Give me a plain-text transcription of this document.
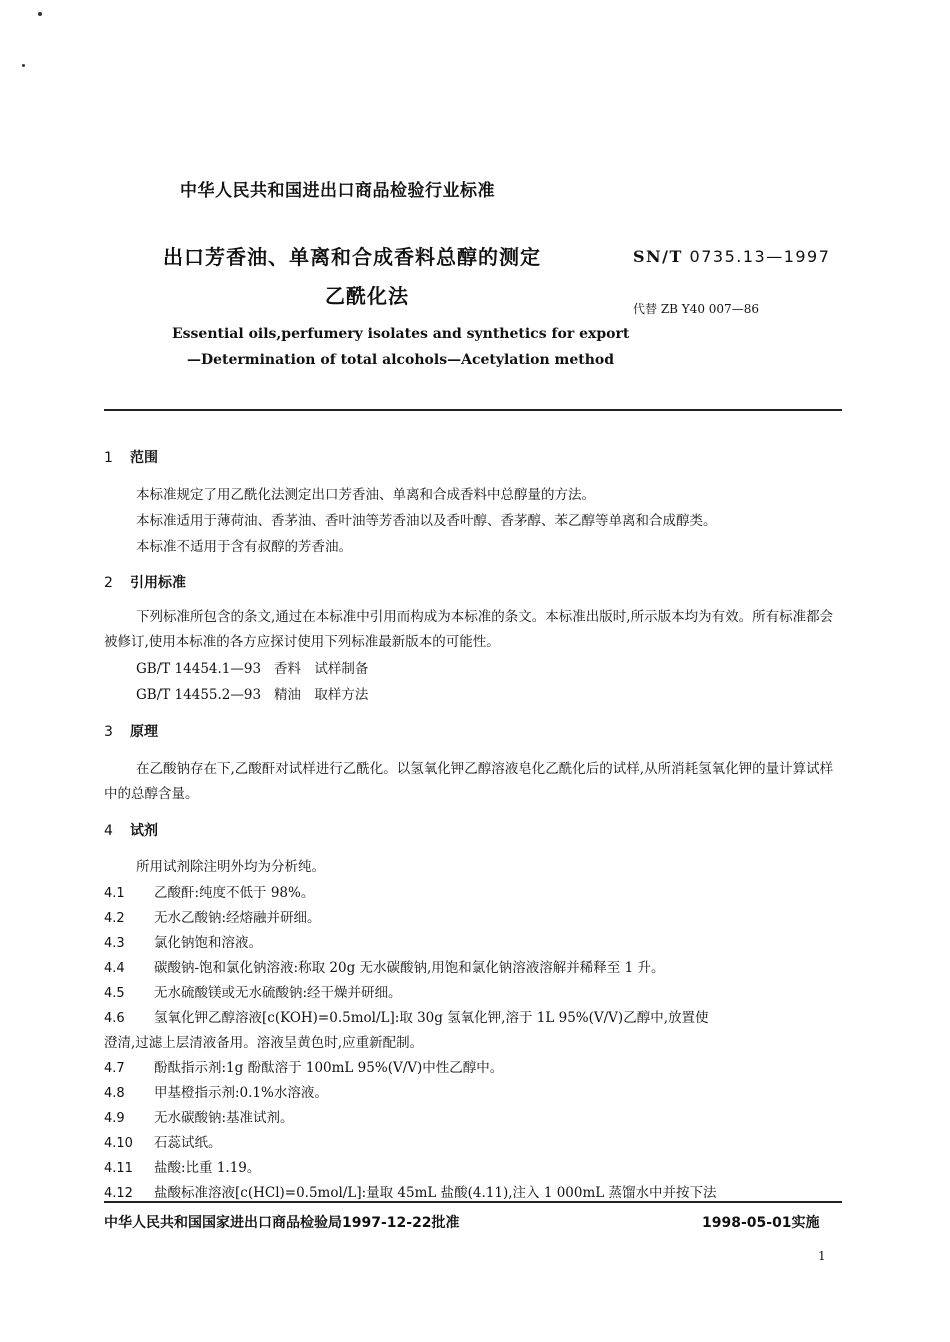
中华人民共和国进出口商品检验行业标准
出口芳香油、单离和合成香料总醇的测定
乙酰化法
SN/T 0735.13—1997
代替 ZB Y40 007—86
Essential oils,perfumery isolates and synthetics for export
—Determination of total alcohols—Acetylation method
1 范围
本标准规定了用乙酰化法测定出口芳香油、单离和合成香料中总醇量的方法。
本标准适用于薄荷油、香茅油、香叶油等芳香油以及香叶醇、香茅醇、苯乙醇等单离和合成醇类。
本标准不适用于含有叔醇的芳香油。
2 引用标准
下列标准所包含的条文,通过在本标准中引用而构成为本标准的条文。本标准出版时,所示版本均为有效。所有标准都会被修订,使用本标准的各方应探讨使用下列标准最新版本的可能性。
GB/T 14454.1—93 香料　试样制备
GB/T 14455.2—93 精油　取样方法
3 原理
在乙酸钠存在下,乙酸酐对试样进行乙酰化。以氢氧化钾乙醇溶液皂化乙酰化后的试样,从所消耗氢氧化钾的量计算试样中的总醇含量。
4 试剂
所用试剂除注明外均为分析纯。
4.1 乙酸酐:纯度不低于 98%。
4.2 无水乙酸钠:经熔融并研细。
4.3 氯化钠饱和溶液。
4.4 碳酸钠-饱和氯化钠溶液:称取 20g 无水碳酸钠,用饱和氯化钠溶液溶解并稀释至 1 升。
4.5 无水硫酸镁或无水硫酸钠:经干燥并研细。
4.6 氢氧化钾乙醇溶液[c(KOH)=0.5mol/L]:取 30g 氢氧化钾,溶于 1L 95%(V/V)乙醇中,放置使
澄清,过滤上层清液备用。溶液呈黄色时,应重新配制。
4.7 酚酞指示剂:1g 酚酞溶于 100mL 95%(V/V)中性乙醇中。
4.8 甲基橙指示剂:0.1%水溶液。
4.9 无水碳酸钠:基准试剂。
4.10 石蕊试纸。
4.11 盐酸:比重 1.19。
4.12 盐酸标准溶液[c(HCl)=0.5mol/L]:量取 45mL 盐酸(4.11),注入 1 000mL 蒸馏水中并按下法
中华人民共和国国家进出口商品检验局1997-12-22批准	1998-05-01实施
1
